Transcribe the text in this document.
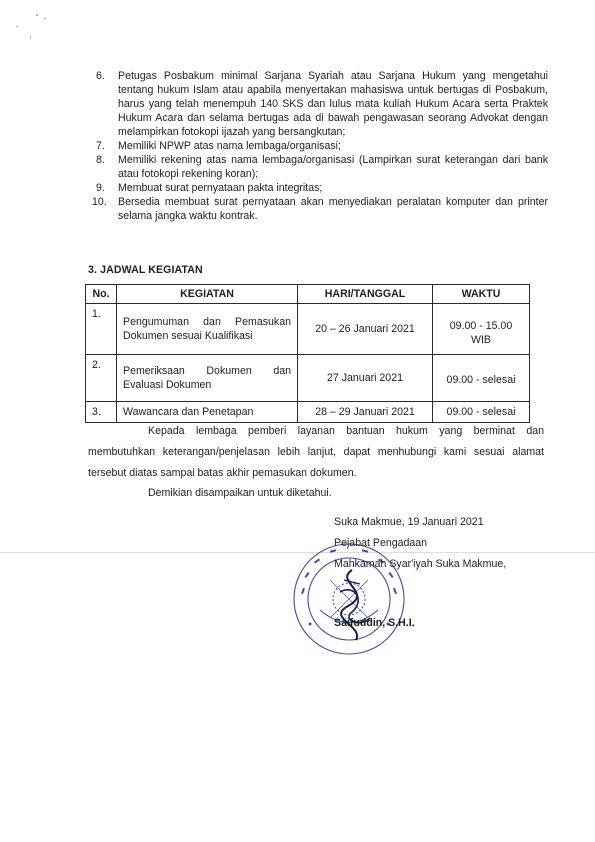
6. Petugas Posbakum minimal Sarjana Syariah atau Sarjana Hukum yang mengetahui tentang hukum Islam atau apabila menyertakan mahasiswa untuk bertugas di Posbakum, harus yang telah menempuh 140 SKS dan lulus mata kuliah Hukum Acara serta Praktek Hukum Acara dan selama bertugas ada di bawah pengawasan seorang Advokat dengan melampirkan fotokopi ijazah yang bersangkutan;
7. Memiliki NPWP atas nama lembaga/organisasi;
8. Memiliki rekening atas nama lembaga/organisasi (Lampirkan surat keterangan dari bank atau fotokopi rekening koran);
9. Membuat surat pernyataan pakta integritas;
10. Bersedia membuat surat pernyataan akan menyediakan peralatan komputer dan printer selama jangka waktu kontrak.
3. JADWAL KEGIATAN
No.	KEGIATAN	HARI/TANGGAL	WAKTU
1.	Pengumuman dan Pemasukan Dokumen sesuai Kualifikasi	20 – 26 Januari 2021	09.00 - 15.00 WIB
2.	Pemeriksaan Dokumen dan Evaluasi Dokumen	27 Januari 2021	09.00 - selesai
3.	Wawancara dan Penetapan	28 – 29 Januari 2021	09.00 - selesai

Kepada lembaga pemberi layanan bantuan hukum yang berminat dan membutuhkan keterangan/penjelasan lebih lanjut, dapat menhubungi kami sesuai alamat tersebut diatas sampai batas akhir pemasukan dokumen.

Demikian disampaikan untuk diketahui.

Suka Makmue, 19 Januari 2021
Pejabat Pengadaan
Mahkamah Syar'iyah Suka Makmue,
Saifuddin, S.H.I.
